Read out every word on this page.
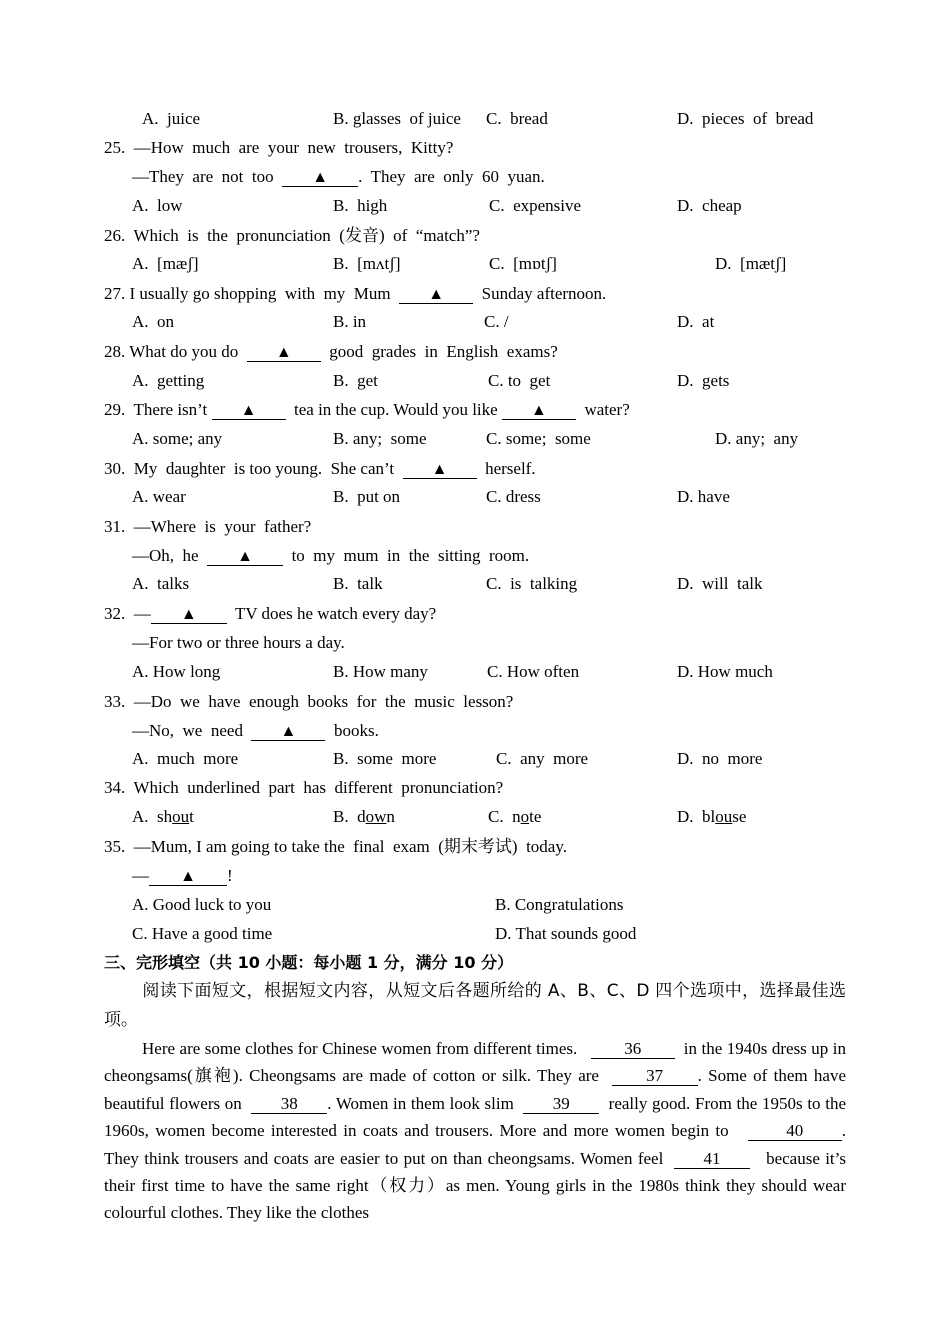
A.  juice	B. glasses  of juice C.  bread	D.  pieces  of  bread
25.  —How  much  are  your  new  trousers,  Kitty?
—They  are  not  too ▲ .  They  are  only  60  yuan.
A.  low	B.  high	C.  expensive	D.  cheap
26.  Which  is  the  pronunciation  (发音)  of  “match”?
A.  [mæʃ]	B.  [mʌtʃ]	C.  [mɒtʃ]	D.  [mætʃ]
27. I usually go shopping  with  my  Mum ▲ Sunday afternoon.
A.  on	B. in	C. /	D.  at
28. What do you do ▲ good  grades  in  English  exams?
A.  getting	B.  get	C. to  get	D.  gets
29.  There isn’t ▲ tea in the cup. Would you like ▲ water?
A. some; any	B. any;  some	C. some;  some	D. any;  any
30.  My  daughter  is too young.  She can’t ▲ herself.
A. wear	B.  put on	C. dress	D. have
31.  —Where  is  your  father?
—Oh,  he ▲ to  my  mum  in  the  sitting  room.
A.  talks	B.  talk	C.  is  talking	D.  will  talk
32.  — ▲ TV does he watch every day?
—For two or three hours a day.
A. How long	B. How many	C. How often	D. How much
33.  —Do  we  have  enough  books  for  the  music  lesson?
—No,  we  need ▲ books.
A.  much  more	B.  some  more	C.  any  more	D.  no  more
34.  Which  underlined  part  has  different  pronunciation?
A.  shout	B.  down	C.  note	D.  blouse
35.  —Mum, I am going to take the  final  exam  (期末考试)  today.
— ▲ !
A. Good luck to you	B. Congratulations
C. Have a good time	D. That sounds good
三、完形填空（共 10 小题：每小题 1 分，满分 10 分）
阅读下面短文，根据短文内容，从短文后各题所给的 A、B、C、D 四个选项中，选择最佳选项。
Here are some clothes for Chinese women from different times.	36	in the 1940s dress up in cheongsams(旗袍). Cheongsams are made of cotton or silk. They are	37 . Some of them have beautiful flowers on 38 . Women in them look slim 39 really good. From the 1950s to the 1960s, women become interested in coats and trousers. More and more women begin to	40 . They think trousers and coats are easier to put on than cheongsams. Women feel 41	because it’s their first time to have the same right（权力）as men. Young girls in the 1980s think they should wear colourful clothes. They like the clothes
